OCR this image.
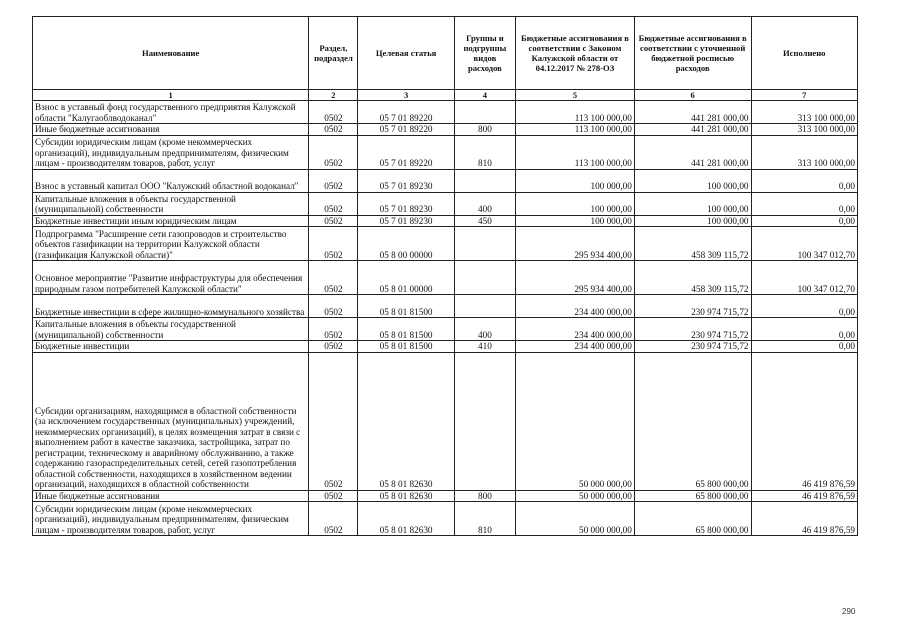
Наименование	Раздел, подраздел	Целевая статья	Группы и подгруппы видов расходов	Бюджетные ассигнования в соответствии с Законом Калужской области от 04.12.2017 № 278-ОЗ	Бюджетные ассигнования в соответствии с уточненной бюджетной росписью расходов	Исполнено
1	2	3	4	5	6	7
Взнос в уставный фонд государственного предприятия Калужской области "Калугаоблводоканал"	0502	05 7 01 89220		113 100 000,00	441 281 000,00	313 100 000,00
Иные бюджетные ассигнования	0502	05 7 01 89220	800	113 100 000,00	441 281 000,00	313 100 000,00
Субсидии юридическим лицам (кроме некоммерческих организаций), индивидуальным предпринимателям, физическим лицам - производителям товаров, работ, услуг	0502	05 7 01 89220	810	113 100 000,00	441 281 000,00	313 100 000,00
Взнос в уставный капитал ООО "Калужский областной водоканал"	0502	05 7 01 89230		100 000,00	100 000,00	0,00
Капитальные вложения в объекты государственной (муниципальной) собственности	0502	05 7 01 89230	400	100 000,00	100 000,00	0,00
Бюджетные инвестиции иным юридическим лицам	0502	05 7 01 89230	450	100 000,00	100 000,00	0,00
Подпрограмма "Расширение сети газопроводов и строительство объектов газификации на территории Калужской области (газификация Калужской области)"	0502	05 8 00 00000		295 934 400,00	458 309 115,72	100 347 012,70
Основное мероприятие "Развитие инфраструктуры для обеспечения природным газом потребителей Калужской области"	0502	05 8 01 00000		295 934 400,00	458 309 115,72	100 347 012,70
Бюджетные инвестиции в сфере жилищно-коммунального хозяйства	0502	05 8 01 81500		234 400 000,00	230 974 715,72	0,00
Капитальные вложения в объекты государственной (муниципальной) собственности	0502	05 8 01 81500	400	234 400 000,00	230 974 715,72	0,00
Бюджетные инвестиции	0502	05 8 01 81500	410	234 400 000,00	230 974 715,72	0,00
Субсидии организациям, находящимся в областной собственности (за исключением государственных (муниципальных) учреждений, некоммерческих организаций), в целях возмещения затрат в связи с выполнением работ в качестве заказчика, застройщика, затрат по регистрации, техническому и аварийному обслуживанию, а также содержанию газораспределительных сетей, сетей газопотребления областной собственности, находящихся в хозяйственном ведении организаций, находящихся в областной собственности	0502	05 8 01 82630		50 000 000,00	65 800 000,00	46 419 876,59
Иные бюджетные ассигнования	0502	05 8 01 82630	800	50 000 000,00	65 800 000,00	46 419 876,59
Субсидии юридическим лицам (кроме некоммерческих организаций), индивидуальным предпринимателям, физическим лицам - производителям товаров, работ, услуг	0502	05 8 01 82630	810	50 000 000,00	65 800 000,00	46 419 876,59
290
